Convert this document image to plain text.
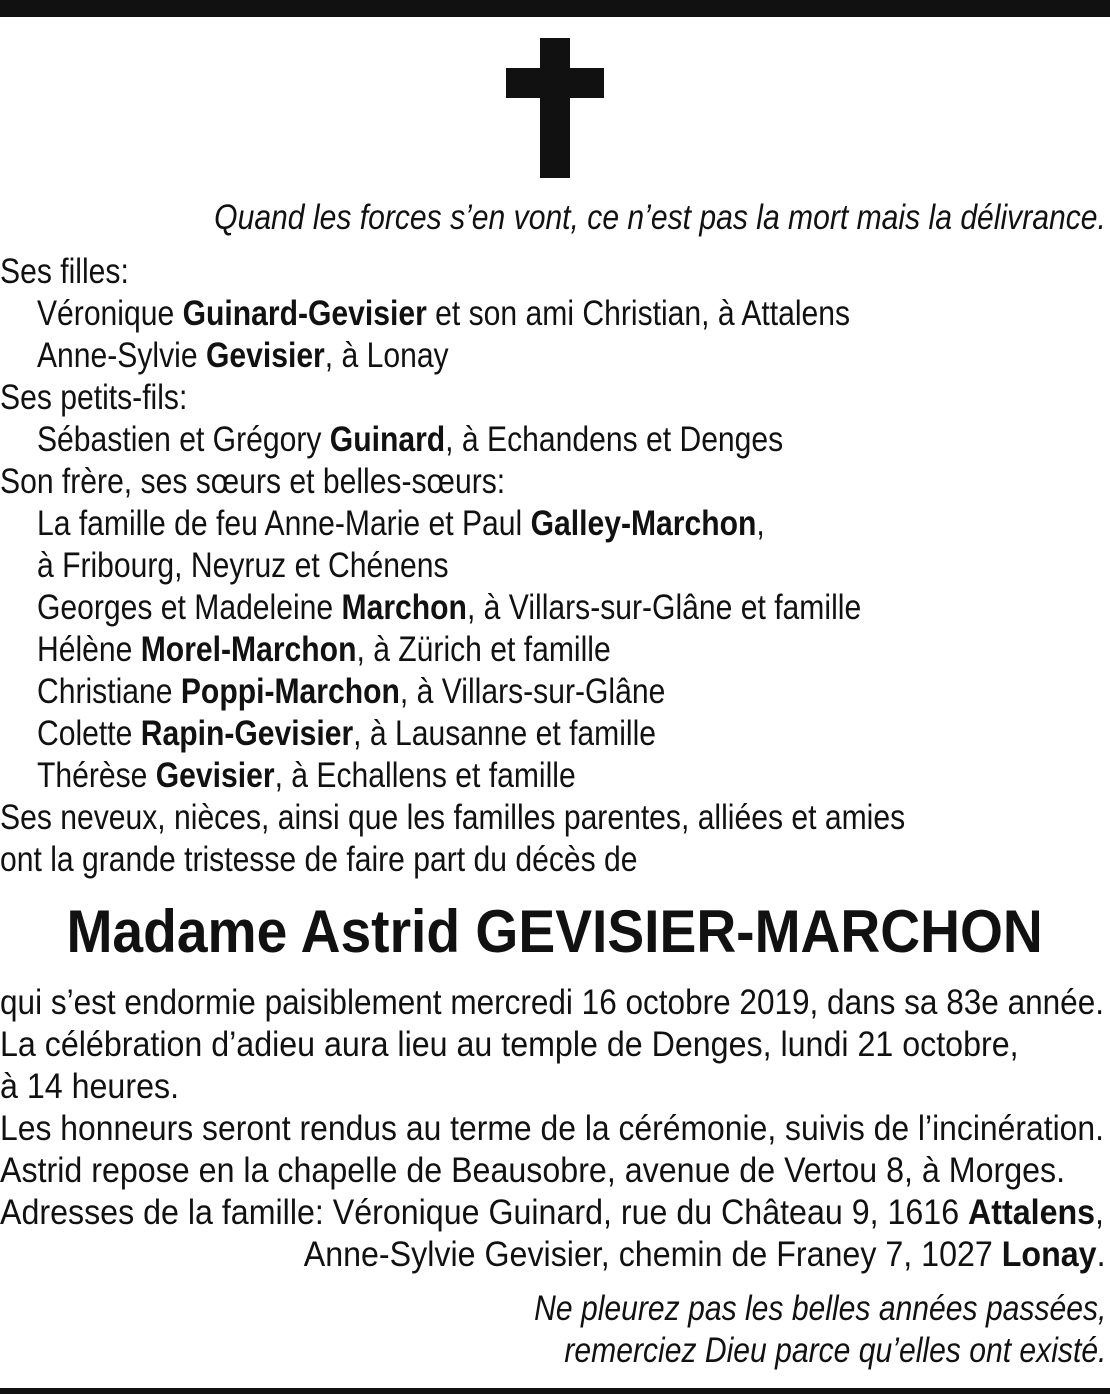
Quand les forces s’en vont, ce n’est pas la mort mais la délivrance.
Ses filles:
Véronique Guinard-Gevisier et son ami Christian, à Attalens
Anne-Sylvie Gevisier, à Lonay
Ses petits-fils:
Sébastien et Grégory Guinard, à Echandens et Denges
Son frère, ses sœurs et belles-sœurs:
La famille de feu Anne-Marie et Paul Galley-Marchon,
à Fribourg, Neyruz et Chénens
Georges et Madeleine Marchon, à Villars-sur-Glâne et famille
Hélène Morel-Marchon, à Zürich et famille
Christiane Poppi-Marchon, à Villars-sur-Glâne
Colette Rapin-Gevisier, à Lausanne et famille
Thérèse Gevisier, à Echallens et famille
Ses neveux, nièces, ainsi que les familles parentes, alliées et amies
ont la grande tristesse de faire part du décès de
Madame Astrid GEVISIER-MARCHON
qui s’est endormie paisiblement mercredi 16 octobre 2019, dans sa 83e année.
La célébration d’adieu aura lieu au temple de Denges, lundi 21 octobre,
à 14 heures.
Les honneurs seront rendus au terme de la cérémonie, suivis de l’incinération.
Astrid repose en la chapelle de Beausobre, avenue de Vertou 8, à Morges.
Adresses de la famille: Véronique Guinard, rue du Château 9, 1616 Attalens,
Anne-Sylvie Gevisier, chemin de Franey 7, 1027 Lonay.
Ne pleurez pas les belles années passées,
remerciez Dieu parce qu’elles ont existé.
